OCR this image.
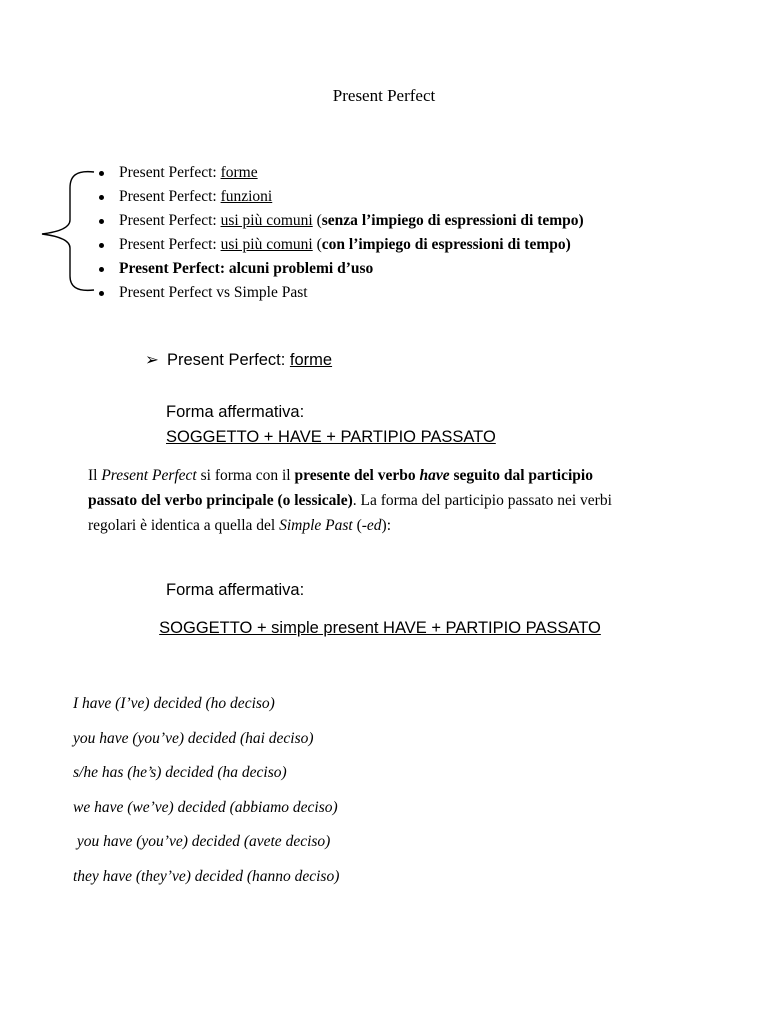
Present Perfect
Present Perfect: forme
Present Perfect: funzioni
Present Perfect: usi più comuni (senza l’impiego di espressioni di tempo)
Present Perfect: usi più comuni (con l’impiego di espressioni di tempo)
Present Perfect: alcuni problemi d’uso
Present Perfect vs Simple Past
➢ Present Perfect: forme
Forma affermativa:
SOGGETTO + HAVE + PARTIPIO PASSATO

Il Present Perfect si forma con il presente del verbo have seguito dal participio

passato del verbo principale (o lessicale). La forma del participio passato nei verbi

regolari è identica a quella del Simple Past (-ed):

Forma affermativa:
SOGGETTO + simple present HAVE + PARTIPIO PASSATO
I have (I’ve) decided (ho deciso)
you have (you’ve) decided (hai deciso)
s/he has (he’s) decided (ha deciso)
we have (we’ve) decided (abbiamo deciso)
you have (you’ve) decided (avete deciso)
they have (they’ve) decided (hanno deciso)
